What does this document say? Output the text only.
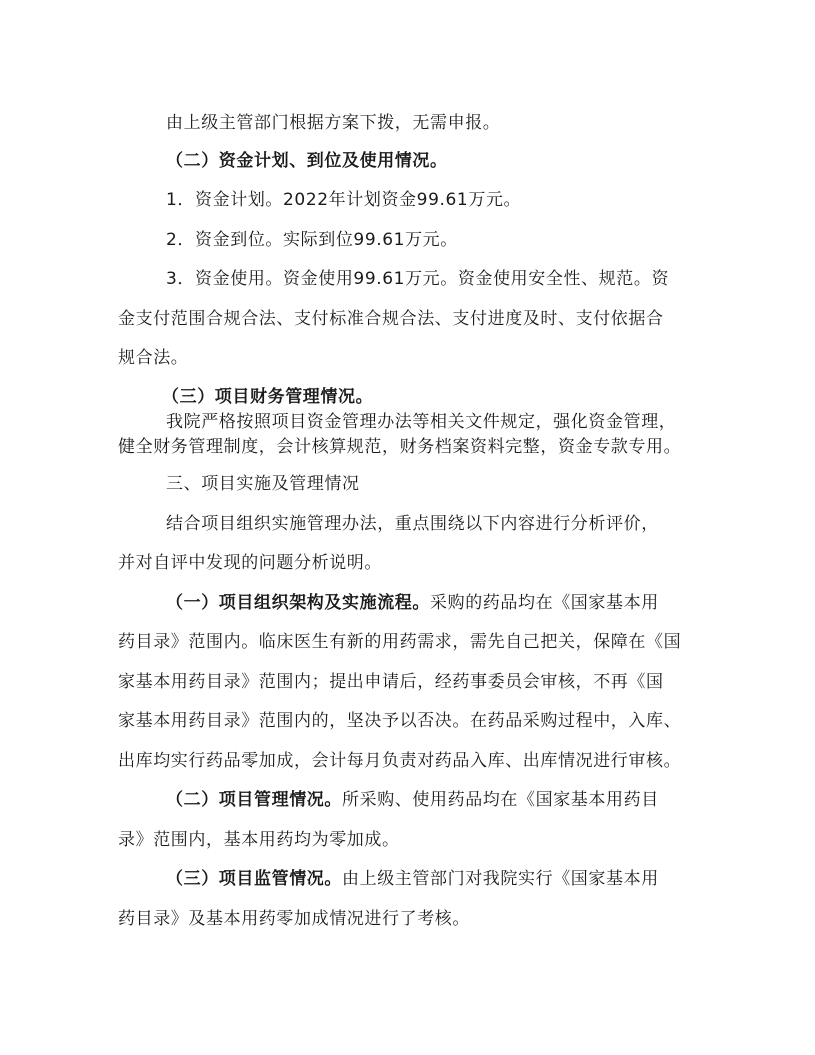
由上级主管部门根据方案下拨，无需申报。
（二）资金计划、到位及使用情况。
1．资金计划。2022年计划资金99.61万元。
2．资金到位。实际到位99.61万元。
3．资金使用。资金使用99.61万元。资金使用安全性、规范。资
金支付范围合规合法、支付标准合规合法、支付进度及时、支付依据合
规合法。
（三）项目财务管理情况。
我院严格按照项目资金管理办法等相关文件规定，强化资金管理，
健全财务管理制度，会计核算规范，财务档案资料完整，资金专款专用。
三、项目实施及管理情况
结合项目组织实施管理办法，重点围绕以下内容进行分析评价，
并对自评中发现的问题分析说明。
（一）项目组织架构及实施流程。采购的药品均在《国家基本用
药目录》范围内。临床医生有新的用药需求，需先自己把关，保障在《国
家基本用药目录》范围内；提出申请后，经药事委员会审核，不再《国
家基本用药目录》范围内的，坚决予以否决。在药品采购过程中，入库、
出库均实行药品零加成，会计每月负责对药品入库、出库情况进行审核。
（二）项目管理情况。所采购、使用药品均在《国家基本用药目
录》范围内，基本用药均为零加成。
（三）项目监管情况。由上级主管部门对我院实行《国家基本用
药目录》及基本用药零加成情况进行了考核。
